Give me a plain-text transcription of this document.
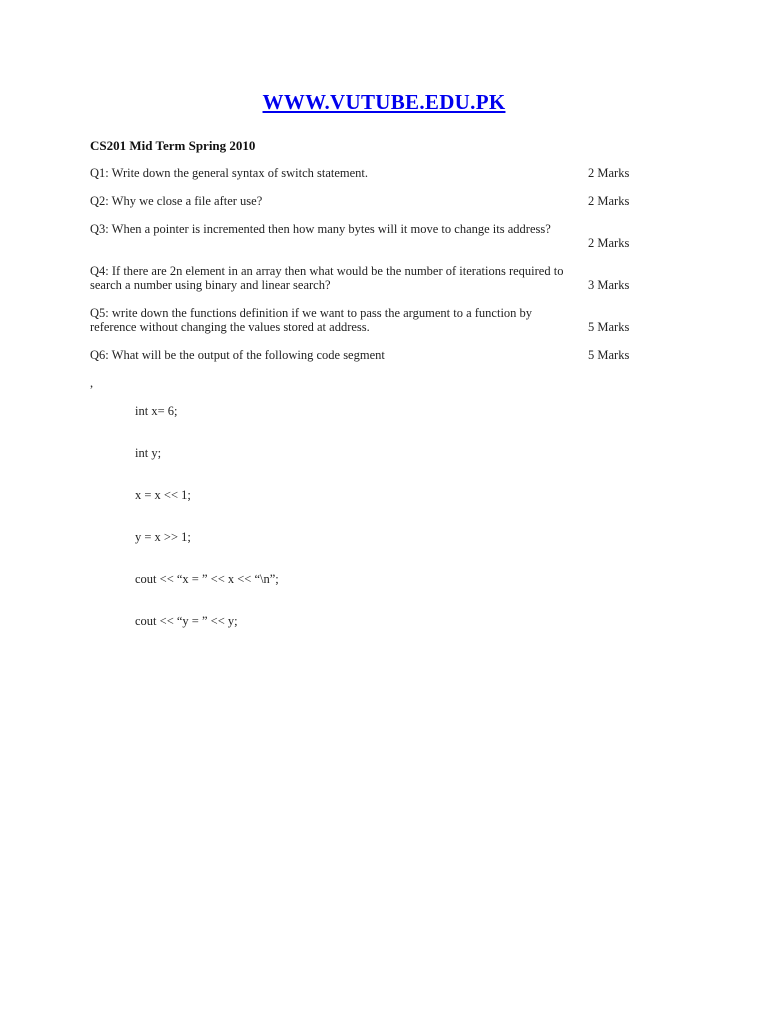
WWW.VUTUBE.EDU.PK
CS201 Mid Term Spring 2010
Q1: Write down the general syntax of switch statement.	2 Marks
Q2: Why we close a file after use?	2 Marks
Q3: When a pointer is incremented then how many bytes will it move to change its address?
2 Marks
Q4: If there are 2n element in an array then what would be the number of iterations required to
search a number using binary and linear search?	3 Marks
Q5: write down the functions definition if we want to pass the argument to a function by
reference without changing the values stored at address.	5 Marks
Q6: What will be the output of the following code segment	5 Marks
,

int x= 6;

int y;

x = x << 1;

y = x >> 1;

cout << “x = ” << x << “\n”;

cout << “y = ” << y;
